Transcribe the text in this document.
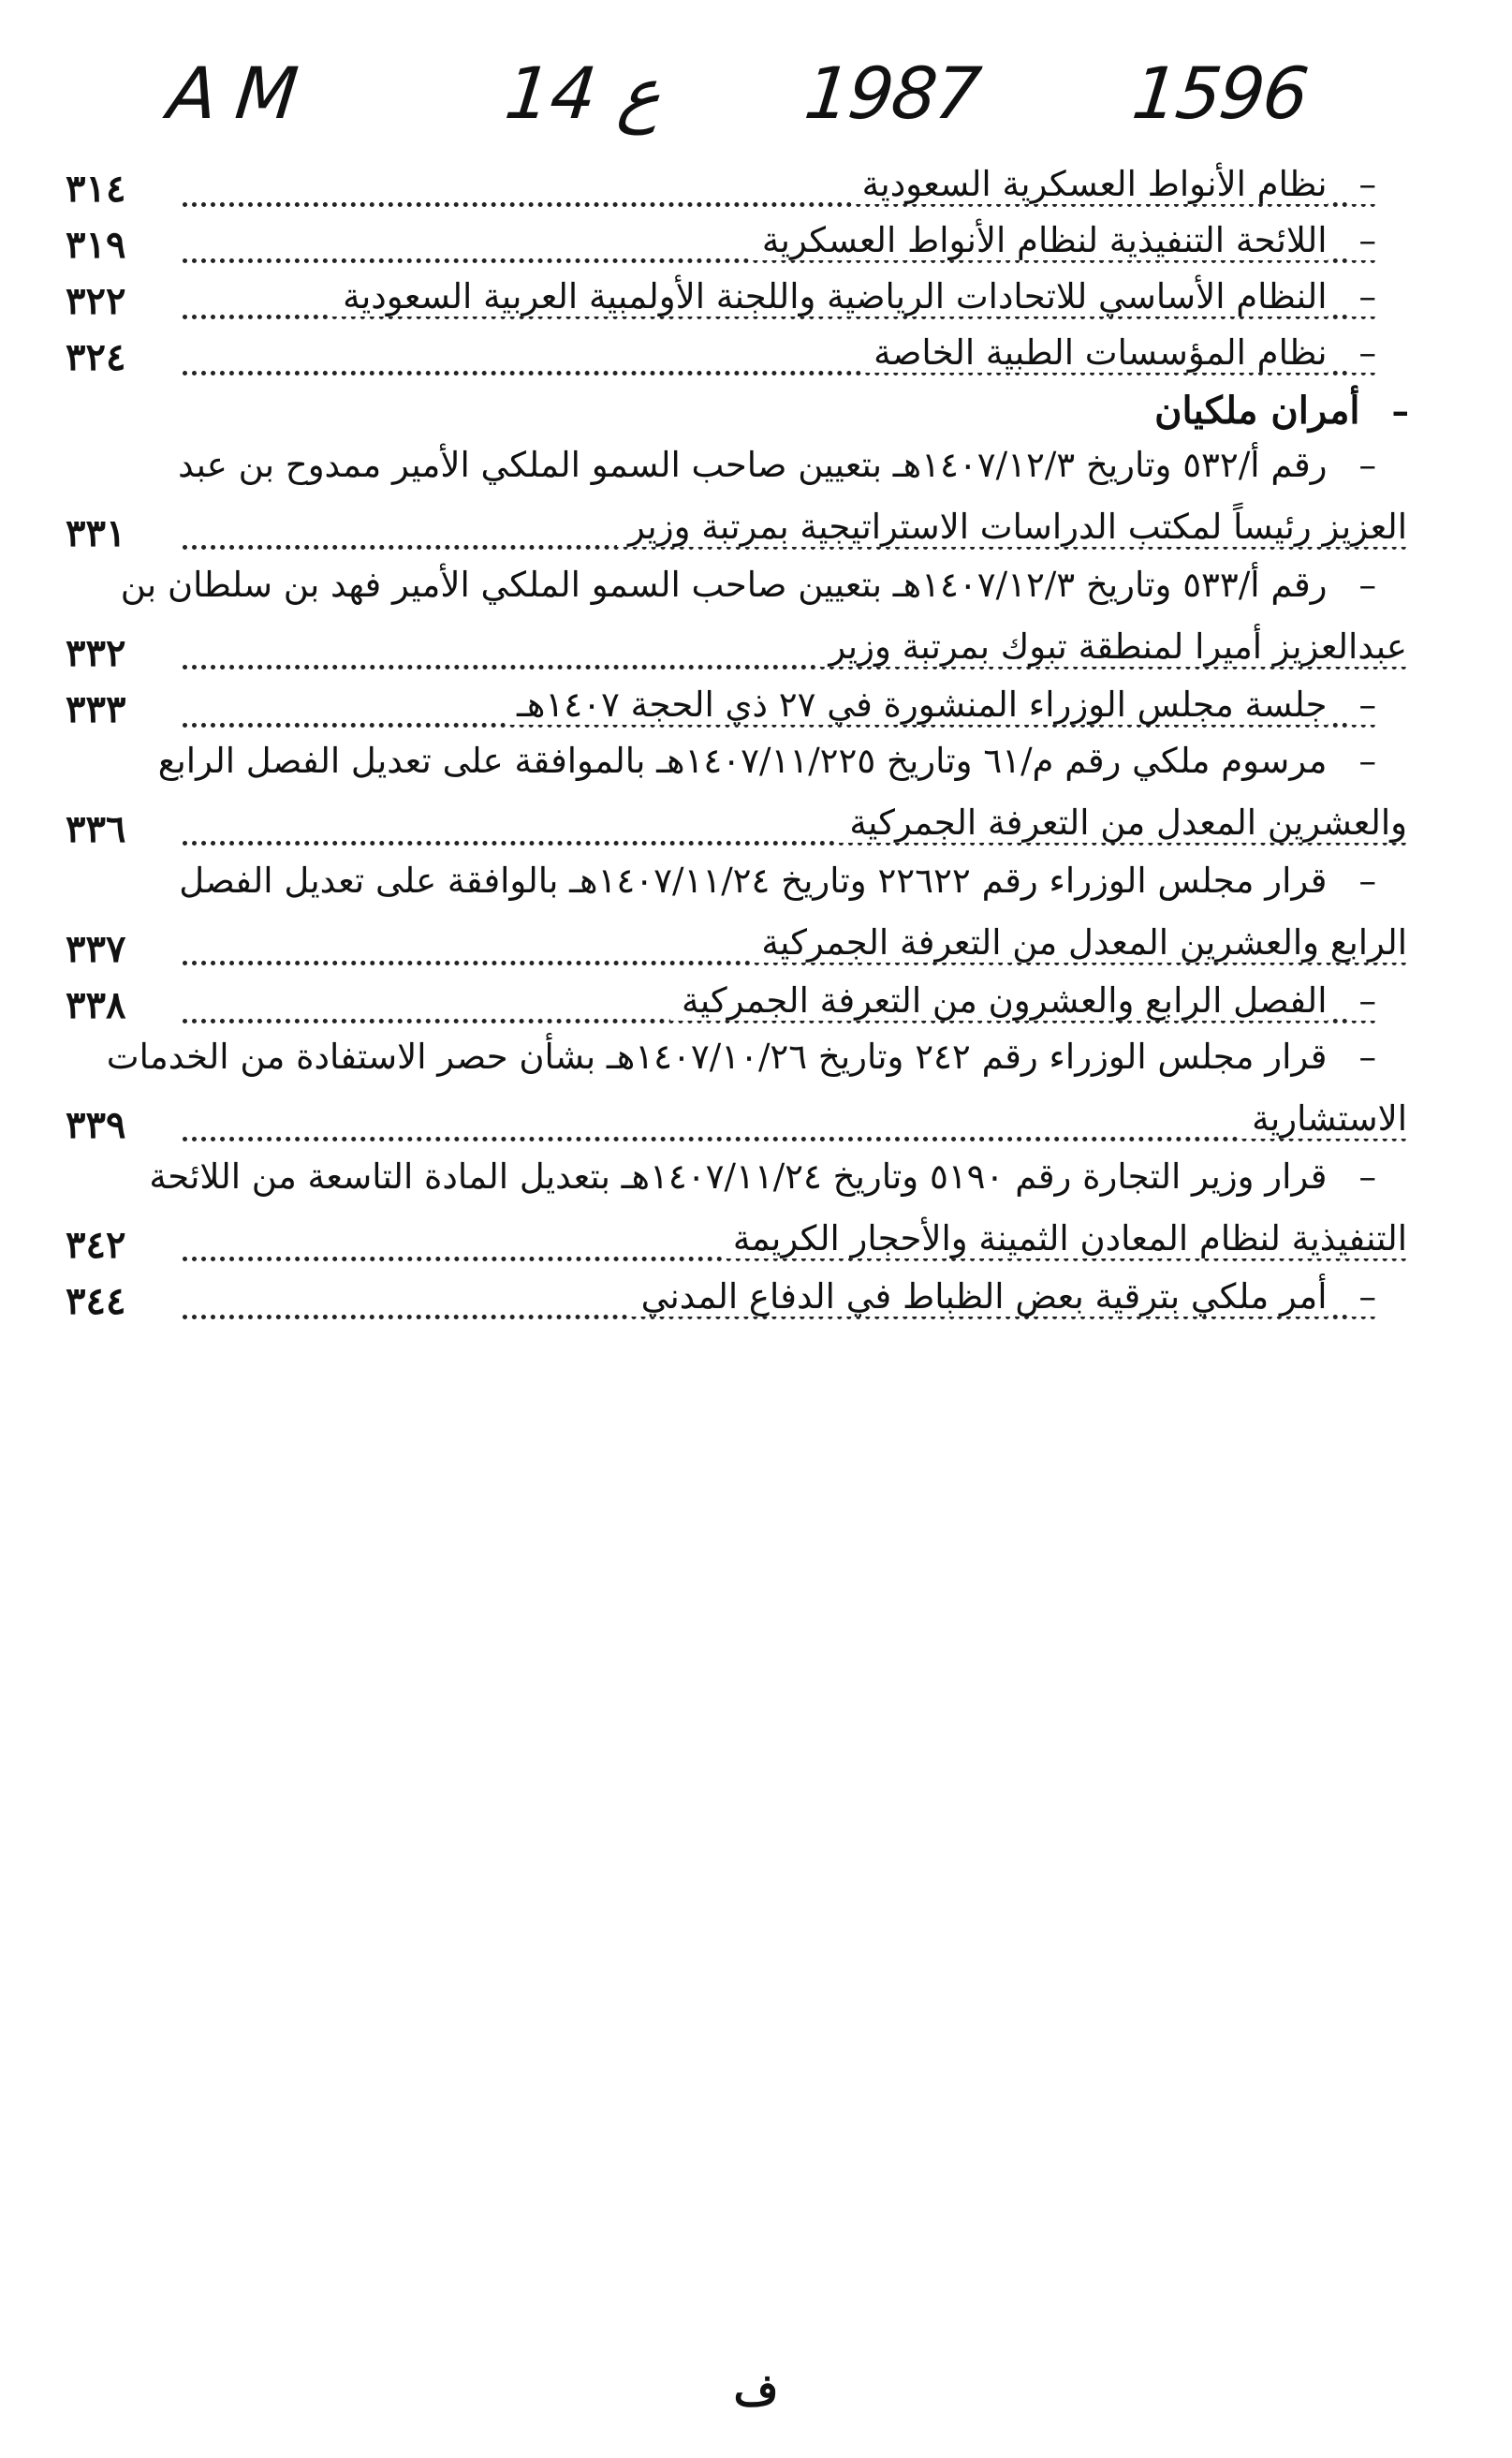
A M	14 ع 1987 1596
٣١٤	–نظام الأنواط العسكرية السعودية
٣١٩	–اللائحة التنفيذية لنظام الأنواط العسكرية
٣٢٢	–النظام الأساسي للاتحادات الرياضية واللجنة الأولمبية العربية السعودية
٣٢٤	–نظام المؤسسات الطبية الخاصة
–أمران ملكيان
–رقم أ/٥٣٢ وتاريخ ١٤٠٧/١٢/٣هـ بتعيين صاحب السمو الملكي الأمير ممدوح بن عبد
٣٣١	العزيز رئيساً لمكتب الدراسات الاستراتيجية بمرتبة وزير
–رقم أ/٥٣٣ وتاريخ ١٤٠٧/١٢/٣هـ بتعيين صاحب السمو الملكي الأمير فهد بن سلطان بن
٣٣٢	عبدالعزيز أميرا لمنطقة تبوك بمرتبة وزير
٣٣٣	–جلسة مجلس الوزراء المنشورة في ٢٧ ذي الحجة ١٤٠٧هـ
–مرسوم ملكي رقم م/٦١ وتاريخ ١٤٠٧/١١/٢٢٥هـ بالموافقة على تعديل الفصل الرابع
٣٣٦	والعشرين المعدل من التعرفة الجمركية
–قرار مجلس الوزراء رقم ٢٢٦٢٢ وتاريخ ١٤٠٧/١١/٢٤هـ بالوافقة على تعديل الفصل
٣٣٧	الرابع والعشرين المعدل من التعرفة الجمركية
٣٣٨	–الفصل الرابع والعشرون من التعرفة الجمركية
–قرار مجلس الوزراء رقم ٢٤٢ وتاريخ ١٤٠٧/١٠/٢٦هـ بشأن حصر الاستفادة من الخدمات
٣٣٩	الاستشارية
–قرار وزير التجارة رقم ٥١٩٠ وتاريخ ١٤٠٧/١١/٢٤هـ بتعديل المادة التاسعة من اللائحة
٣٤٢	التنفيذية لنظام المعادن الثمينة والأحجار الكريمة
٣٤٤	–أمر ملكي بترقية بعض الظباط في الدفاع المدني
ف
